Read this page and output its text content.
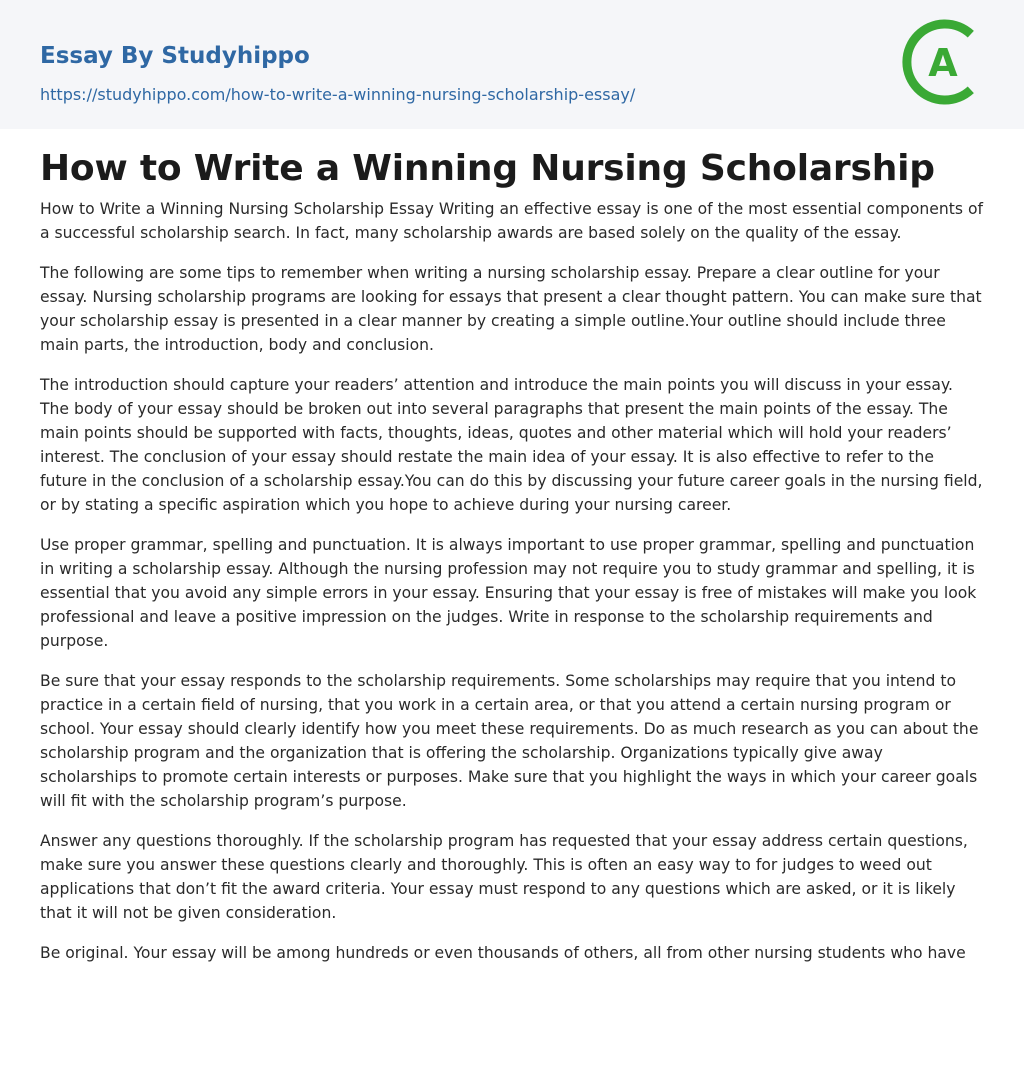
Essay By Studyhippo
https://studyhippo.com/how-to-write-a-winning-nursing-scholarship-essay/
A
How to Write a Winning Nursing Scholarship

How to Write a Winning Nursing Scholarship Essay Writing an effective essay is one of the most essential components of a successful scholarship search. In fact, many scholarship awards are based solely on the quality of the essay.

The following are some tips to remember when writing a nursing scholarship essay. Prepare a clear outline for your essay. Nursing scholarship programs are looking for essays that present a clear thought pattern. You can make sure that your scholarship essay is presented in a clear manner by creating a simple outline.Your outline should include three main parts, the introduction, body and conclusion.

The introduction should capture your readers’ attention and introduce the main points you will discuss in your essay. The body of your essay should be broken out into several paragraphs that present the main points of the essay. The main points should be supported with facts, thoughts, ideas, quotes and other material which will hold your readers’ interest. The conclusion of your essay should restate the main idea of your essay. It is also effective to refer to the future in the conclusion of a scholarship essay.You can do this by discussing your future career goals in the nursing field, or by stating a specific aspiration which you hope to achieve during your nursing career.

Use proper grammar, spelling and punctuation. It is always important to use proper grammar, spelling and punctuation in writing a scholarship essay. Although the nursing profession may not require you to study grammar and spelling, it is essential that you avoid any simple errors in your essay. Ensuring that your essay is free of mistakes will make you look professional and leave a positive impression on the judges. Write in response to the scholarship requirements and purpose.

Be sure that your essay responds to the scholarship requirements. Some scholarships may require that you intend to practice in a certain field of nursing, that you work in a certain area, or that you attend a certain nursing program or school. Your essay should clearly identify how you meet these requirements. Do as much research as you can about the scholarship program and the organization that is offering the scholarship. Organizations typically give away scholarships to promote certain interests or purposes. Make sure that you highlight the ways in which your career goals will fit with the scholarship program’s purpose.

Answer any questions thoroughly. If the scholarship program has requested that your essay address certain questions, make sure you answer these questions clearly and thoroughly. This is often an easy way to for judges to weed out applications that don’t fit the award criteria. Your essay must respond to any questions which are asked, or it is likely that it will not be given consideration.

Be original. Your essay will be among hundreds or even thousands of others, all from other nursing students who have
